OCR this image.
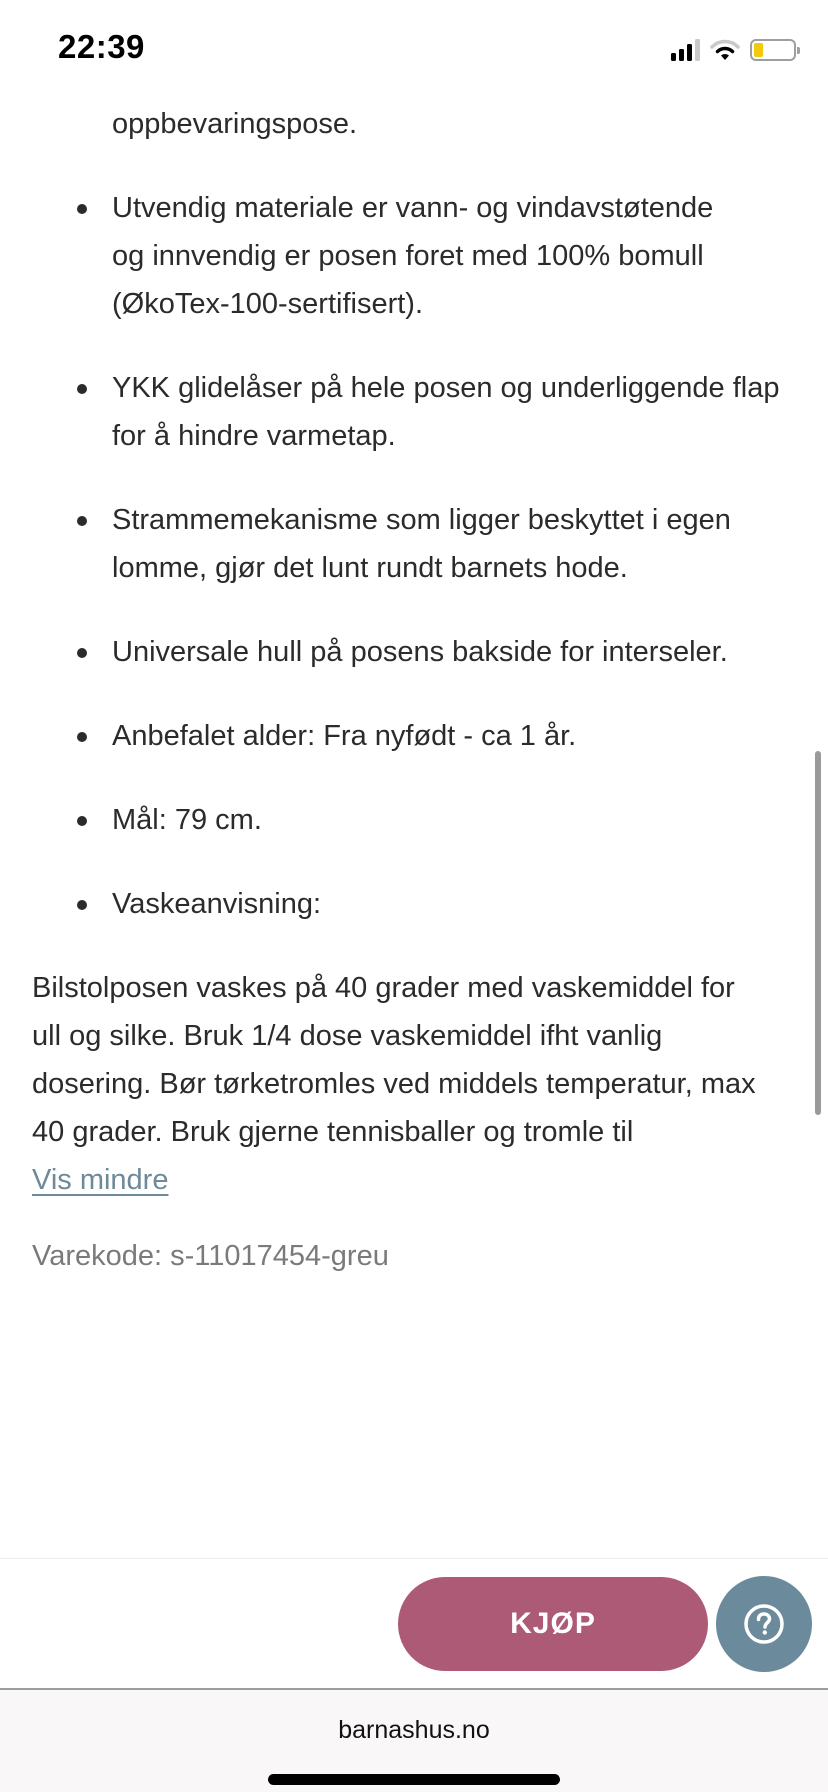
22:39
oppbevaringspose.
Utvendig materiale er vann- og vindavstøtende og innvendig er posen foret med 100% bomull (ØkoTex-100-sertifisert).
YKK glidelåser på hele posen og underliggende flap for å hindre varmetap.
Strammemekanisme som ligger beskyttet i egen lomme, gjør det lunt rundt barnets hode.
Universale hull på posens bakside for interseler.
Anbefalet alder: Fra nyfødt - ca 1 år.
Mål: 79 cm.
Vaskeanvisning:

Bilstolposen vaskes på 40 grader med vaskemiddel for ull og silke. Bruk 1/4 dose vaskemiddel ifht vanlig dosering. Bør tørketromles ved middels temperatur, max 40 grader. Bruk gjerne tennisballer og tromle til

Vis mindre

Varekode: s-11017454-greu

KJØP
barnashus.no
